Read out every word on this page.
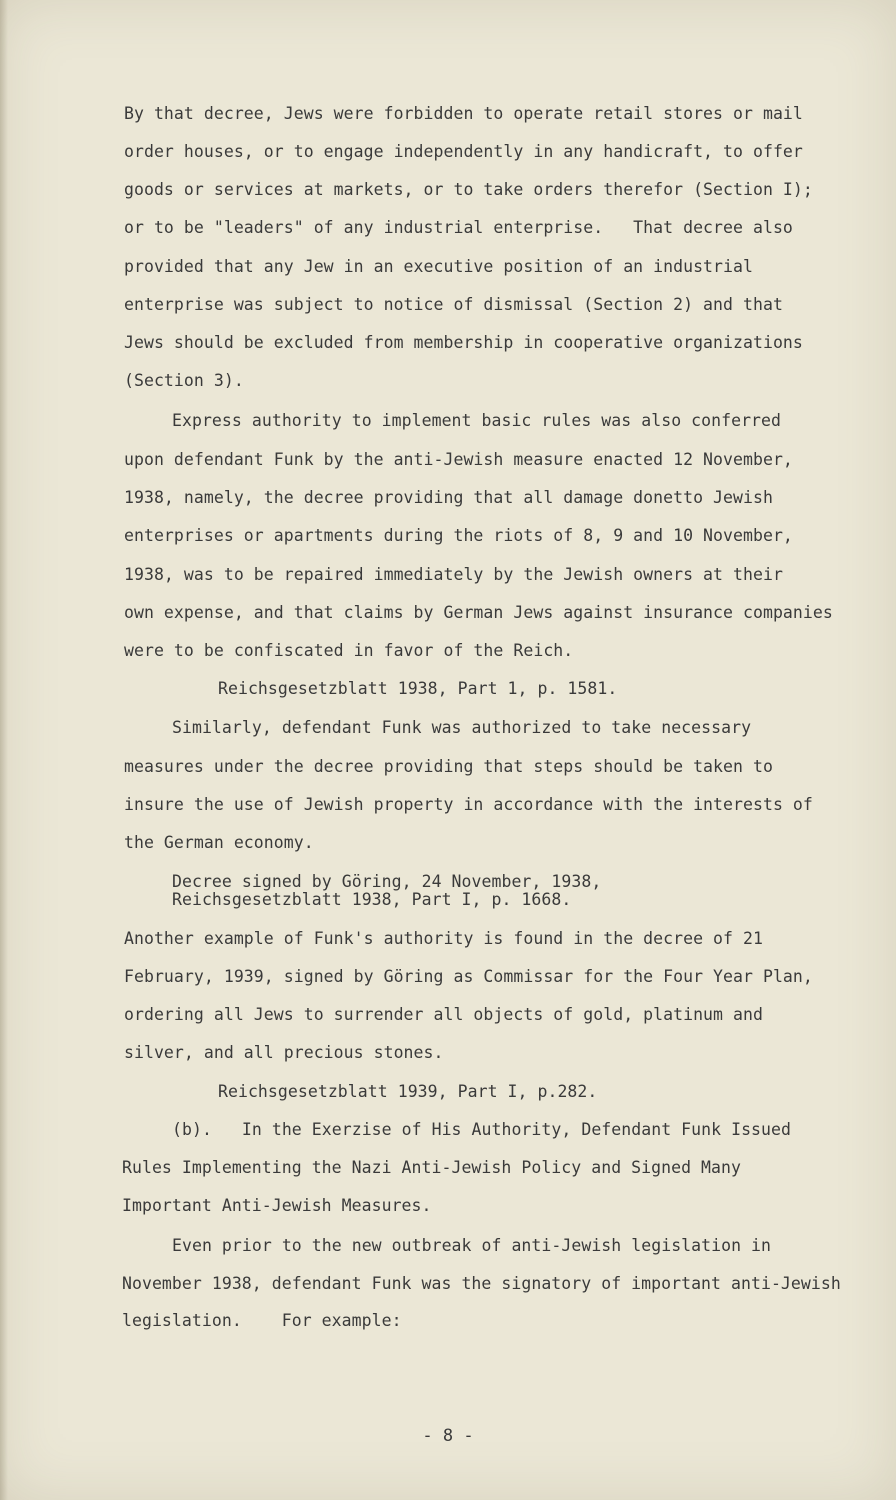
By that decree, Jews were forbidden to operate retail stores or mail
order houses, or to engage independently in any handicraft, to offer
goods or services at markets, or to take orders therefor (Section I);
or to be "leaders" of any industrial enterprise.   That decree also
provided that any Jew in an executive position of an industrial
enterprise was subject to notice of dismissal (Section 2) and that
Jews should be excluded from membership in cooperative organizations
(Section 3).
Express authority to implement basic rules was also conferred
upon defendant Funk by the anti-Jewish measure enacted 12 November,
1938, namely, the decree providing that all damage donetto Jewish
enterprises or apartments during the riots of 8, 9 and 10 November,
1938, was to be repaired immediately by the Jewish owners at their
own expense, and that claims by German Jews against insurance companies
were to be confiscated in favor of the Reich.
Reichsgesetzblatt 1938, Part 1, p. 1581.
Similarly, defendant Funk was authorized to take necessary
measures under the decree providing that steps should be taken to
insure the use of Jewish property in accordance with the interests of
the German economy.
Decree signed by Göring, 24 November, 1938,
Reichsgesetzblatt 1938, Part I, p. 1668.
Another example of Funk's authority is found in the decree of 21
February, 1939, signed by Göring as Commissar for the Four Year Plan,
ordering all Jews to surrender all objects of gold, platinum and
silver, and all precious stones.
Reichsgesetzblatt 1939, Part I, p.282.
(b).   In the Exerzise of His Authority, Defendant Funk Issued
Rules Implementing the Nazi Anti-Jewish Policy and Signed Many
Important Anti-Jewish Measures.
Even prior to the new outbreak of anti-Jewish legislation in
November 1938, defendant Funk was the signatory of important anti-Jewish
legislation.    For example:
- 8 -
